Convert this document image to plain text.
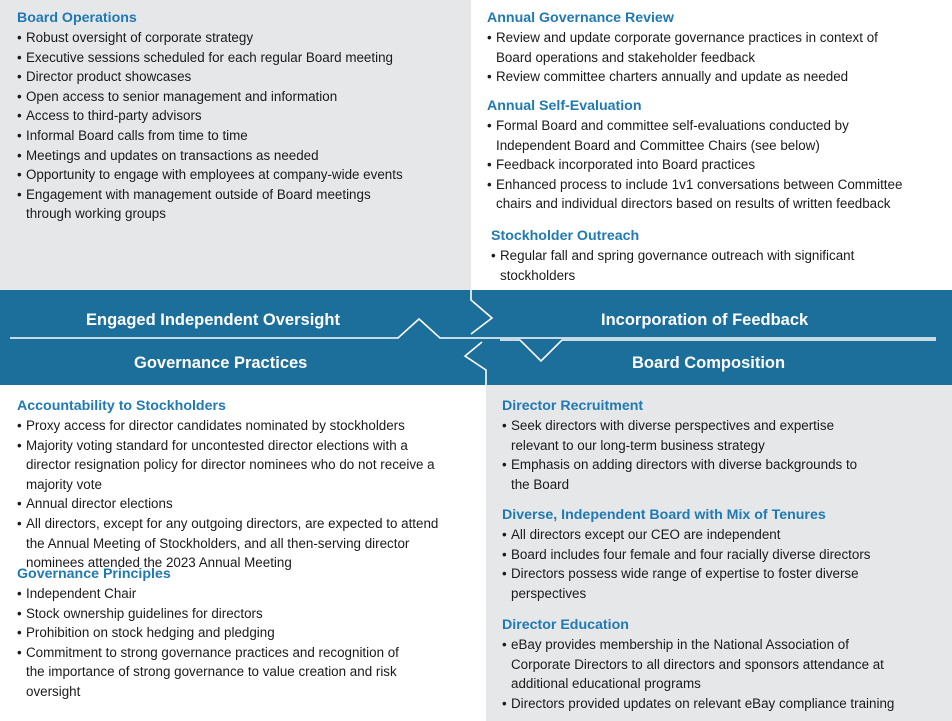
Engaged Independent Oversight	Incorporation of Feedback
Governance Practices	Board Composition
Board Operations
• Robust oversight of corporate strategy
• Executive sessions scheduled for each regular Board meeting
• Director product showcases
• Open access to senior management and information
• Access to third-party advisors
• Informal Board calls from time to time
• Meetings and updates on transactions as needed
• Opportunity to engage with employees at company-wide events
• Engagement with management outside of Board meetings
through working groups
Annual Governance Review
• Review and update corporate governance practices in context of
Board operations and stakeholder feedback
• Review committee charters annually and update as needed
Annual Self-Evaluation
• Formal Board and committee self-evaluations conducted by
Independent Board and Committee Chairs (see below)
• Feedback incorporated into Board practices
• Enhanced process to include 1v1 conversations between Committee
chairs and individual directors based on results of written feedback
Stockholder Outreach
• Regular fall and spring governance outreach with significant
stockholders
Accountability to Stockholders
• Proxy access for director candidates nominated by stockholders
• Majority voting standard for uncontested director elections with a
director resignation policy for director nominees who do not receive a
majority vote
• Annual director elections
• All directors, except for any outgoing directors, are expected to attend
the Annual Meeting of Stockholders, and all then-serving director
nominees attended the 2023 Annual Meeting
Governance Principles
• Independent Chair
• Stock ownership guidelines for directors
• Prohibition on stock hedging and pledging
• Commitment to strong governance practices and recognition of
the importance of strong governance to value creation and risk
oversight
Director Recruitment
• Seek directors with diverse perspectives and expertise
relevant to our long-term business strategy
• Emphasis on adding directors with diverse backgrounds to
the Board
Diverse, Independent Board with Mix of Tenures
• All directors except our CEO are independent
• Board includes four female and four racially diverse directors
• Directors possess wide range of expertise to foster diverse
perspectives
Director Education
• eBay provides membership in the National Association of
Corporate Directors to all directors and sponsors attendance at
additional educational programs
• Directors provided updates on relevant eBay compliance training
